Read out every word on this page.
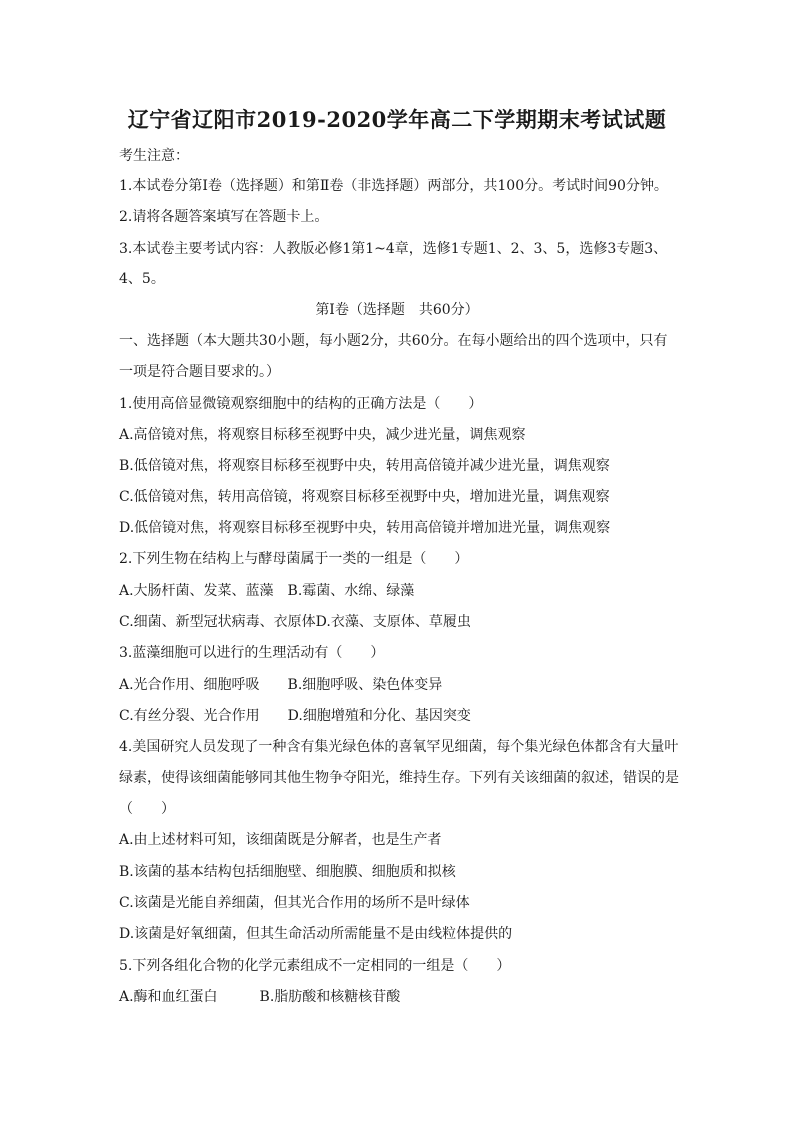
辽宁省辽阳市2019-2020学年高二下学期期末考试试题
考生注意：
1.本试卷分第Ⅰ卷（选择题）和第Ⅱ卷（非选择题）两部分，共100分。考试时间90分钟。
2.请将各题答案填写在答题卡上。
3.本试卷主要考试内容：人教版必修1第1~4章，选修1专题1、2、3、5，选修3专题3、
4、5。
第Ⅰ卷（选择题　共60分）
一、选择题（本大题共30小题，每小题2分，共60分。在每小题给出的四个选项中，只有
一项是符合题目要求的。）
1.使用高倍显微镜观察细胞中的结构的正确方法是（　　）
A.高倍镜对焦，将观察目标移至视野中央，减少进光量，调焦观察
B.低倍镜对焦，将观察目标移至视野中央，转用高倍镜并减少进光量，调焦观察
C.低倍镜对焦，转用高倍镜，将观察目标移至视野中央，增加进光量，调焦观察
D.低倍镜对焦，将观察目标移至视野中央，转用高倍镜并增加进光量，调焦观察
2.下列生物在结构上与酵母菌属于一类的一组是（　　）
A.大肠杆菌、发菜、蓝藻　B.霉菌、水绵、绿藻
C.细菌、新型冠状病毒、衣原体D.衣藻、支原体、草履虫
3.蓝藻细胞可以进行的生理活动有（　　）
A.光合作用、细胞呼吸　　B.细胞呼吸、染色体变异
C.有丝分裂、光合作用　　D.细胞增殖和分化、基因突变
4.美国研究人员发现了一种含有集光绿色体的喜氧罕见细菌，每个集光绿色体都含有大量叶
绿素，使得该细菌能够同其他生物争夺阳光，维持生存。下列有关该细菌的叙述，错误的是
（　　）
A.由上述材料可知，该细菌既是分解者，也是生产者
B.该菌的基本结构包括细胞壁、细胞膜、细胞质和拟核
C.该菌是光能自养细菌，但其光合作用的场所不是叶绿体
D.该菌是好氧细菌，但其生命活动所需能量不是由线粒体提供的
5.下列各组化合物的化学元素组成不一定相同的一组是（　　）
A.酶和血红蛋白　　　B.脂肪酸和核糖核苷酸
